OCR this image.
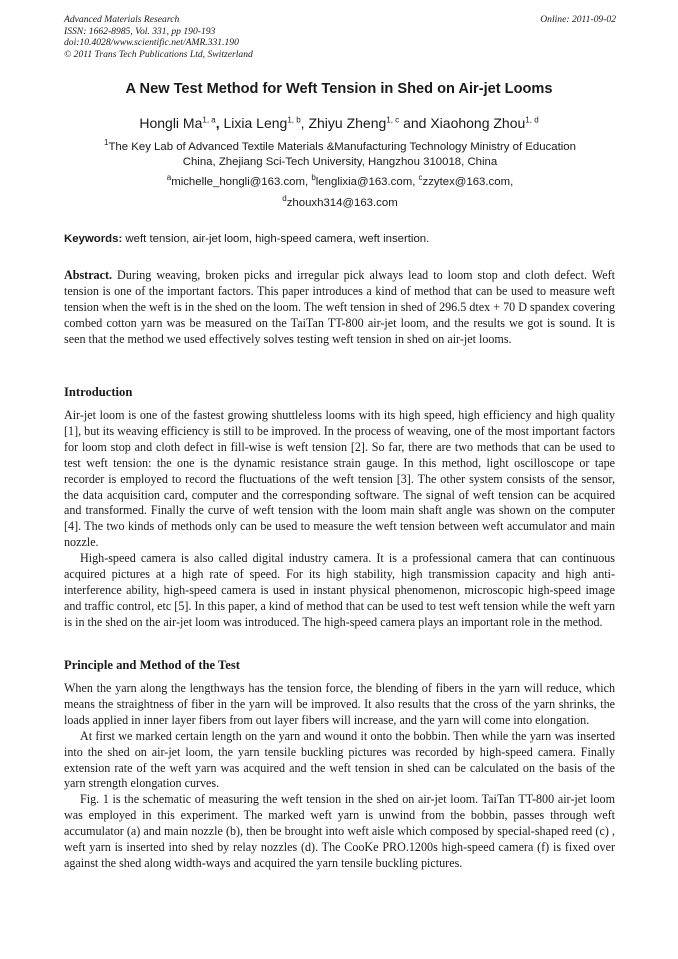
Advanced Materials Research
ISSN: 1662-8985, Vol. 331, pp 190-193
doi:10.4028/www.scientific.net/AMR.331.190
© 2011 Trans Tech Publications Ltd, Switzerland
Online: 2011-09-02
A New Test Method for Weft Tension in Shed on Air-jet Looms
Hongli Ma$^{1, a}$, Lixia Leng$^{1, b}$, Zhiyu Zheng$^{1, c}$ and Xiaohong Zhou$^{1, d}$
$^1$The Key Lab of Advanced Textile Materials &Manufacturing Technology Ministry of Education
China, Zhejiang Sci-Tech University, Hangzhou 310018, China
$^a$michelle_hongli@163.com, $^b$lenglixia@163.com, $^c$zzytex@163.com,
$^d$zhouxh314@163.com
Keywords: weft tension, air-jet loom, high-speed camera, weft insertion.

Abstract. During weaving, broken picks and irregular pick always lead to loom stop and cloth defect. Weft tension is one of the important factors. This paper introduces a kind of method that can be used to measure weft tension when the weft is in the shed on the loom. The weft tension in shed of 296.5 dtex + 70 D spandex covering combed cotton yarn was be measured on the TaiTan TT-800 air-jet loom, and the results we got is sound. It is seen that the method we used effectively solves testing weft tension in shed on air-jet looms.

Introduction

Air-jet loom is one of the fastest growing shuttleless looms with its high speed, high efficiency and high quality [1], but its weaving efficiency is still to be improved. In the process of weaving, one of the most important factors for loom stop and cloth defect in fill-wise is weft tension [2]. So far, there are two methods that can be used to test weft tension: the one is the dynamic resistance strain gauge. In this method, light oscilloscope or tape recorder is employed to record the fluctuations of the weft tension [3]. The other system consists of the sensor, the data acquisition card, computer and the corresponding software. The signal of weft tension can be acquired and transformed. Finally the curve of weft tension with the loom main shaft angle was shown on the computer [4]. The two kinds of methods only can be used to measure the weft tension between weft accumulator and main nozzle.

High-speed camera is also called digital industry camera. It is a professional camera that can continuous acquired pictures at a high rate of speed. For its high stability, high transmission capacity and high anti-interference ability, high-speed camera is used in instant physical phenomenon, microscopic high-speed image and traffic control, etc [5]. In this paper, a kind of method that can be used to test weft tension while the weft yarn is in the shed on the air-jet loom was introduced. The high-speed camera plays an important role in the method.

Principle and Method of the Test

When the yarn along the lengthways has the tension force, the blending of fibers in the yarn will reduce, which means the straightness of fiber in the yarn will be improved. It also results that the cross of the yarn shrinks, the loads applied in inner layer fibers from out layer fibers will increase, and the yarn will come into elongation.

At first we marked certain length on the yarn and wound it onto the bobbin. Then while the yarn was inserted into the shed on air-jet loom, the yarn tensile buckling pictures was recorded by high-speed camera. Finally extension rate of the weft yarn was acquired and the weft tension in shed can be calculated on the basis of the yarn strength elongation curves.

Fig. 1 is the schematic of measuring the weft tension in the shed on air-jet loom. TaiTan TT-800 air-jet loom was employed in this experiment. The marked weft yarn is unwind from the bobbin, passes through weft accumulator (a) and main nozzle (b), then be brought into weft aisle which composed by special-shaped reed (c) , weft yarn is inserted into shed by relay nozzles (d). The CooKe PRO.1200s high-speed camera (f) is fixed over against the shed along width-ways and acquired the yarn tensile buckling pictures.
